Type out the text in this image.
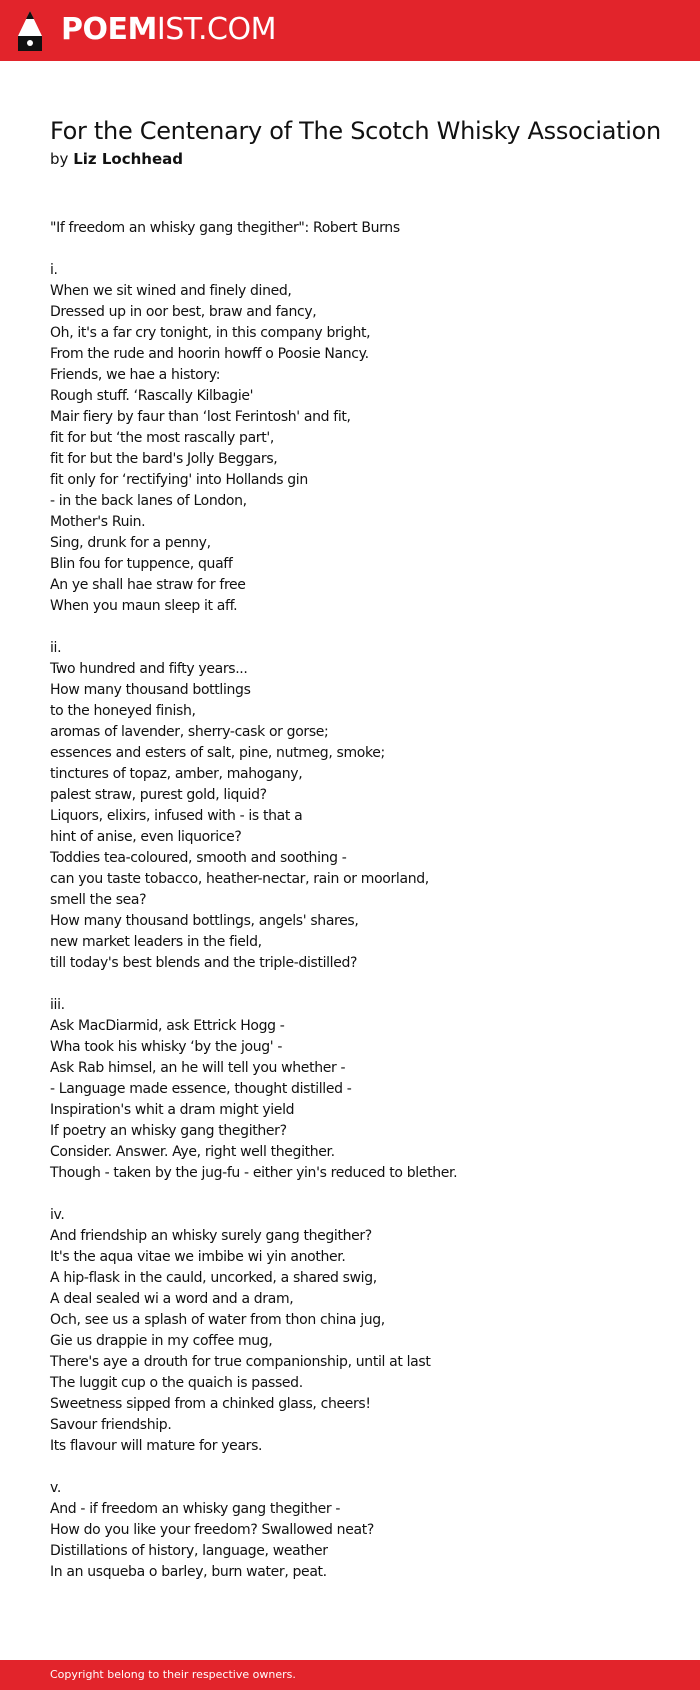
POEMIST.COM
For the Centenary of The Scotch Whisky Association
by Liz Lochhead
"If freedom an whisky gang thegither": Robert Burns
i.
When we sit wined and finely dined,
Dressed up in oor best, braw and fancy,
Oh, it's a far cry tonight, in this company bright,
From the rude and hoorin howff o Poosie Nancy.
Friends, we hae a history:
Rough stuff. ‘Rascally Kilbagie'
Mair fiery by faur than ‘lost Ferintosh' and fit,
fit for but ‘the most rascally part',
fit for but the bard's Jolly Beggars,
fit only for ‘rectifying' into Hollands gin
- in the back lanes of London,
Mother's Ruin.
Sing, drunk for a penny,
Blin fou for tuppence, quaff
An ye shall hae straw for free
When you maun sleep it aff.
ii.
Two hundred and fifty years...
How many thousand bottlings
to the honeyed finish,
aromas of lavender, sherry-cask or gorse;
essences and esters of salt, pine, nutmeg, smoke;
tinctures of topaz, amber, mahogany,
palest straw, purest gold, liquid?
Liquors, elixirs, infused with - is that a
hint of anise, even liquorice?
Toddies tea-coloured, smooth and soothing -
can you taste tobacco, heather-nectar, rain or moorland,
smell the sea?
How many thousand bottlings, angels' shares,
new market leaders in the field,
till today's best blends and the triple-distilled?
iii.
Ask MacDiarmid, ask Ettrick Hogg -
Wha took his whisky ‘by the joug' -
Ask Rab himsel, an he will tell you whether -
- Language made essence, thought distilled -
Inspiration's whit a dram might yield
If poetry an whisky gang thegither?
Consider. Answer. Aye, right well thegither.
Though - taken by the jug-fu - either yin's reduced to blether.
iv.
And friendship an whisky surely gang thegither?
It's the aqua vitae we imbibe wi yin another.
A hip-flask in the cauld, uncorked, a shared swig,
A deal sealed wi a word and a dram,
Och, see us a splash of water from thon china jug,
Gie us drappie in my coffee mug,
There's aye a drouth for true companionship, until at last
The luggit cup o the quaich is passed.
Sweetness sipped from a chinked glass, cheers!
Savour friendship.
Its flavour will mature for years.
v.
And - if freedom an whisky gang thegither -
How do you like your freedom? Swallowed neat?
Distillations of history, language, weather
In an usqueba o barley, burn water, peat.
Copyright belong to their respective owners.
